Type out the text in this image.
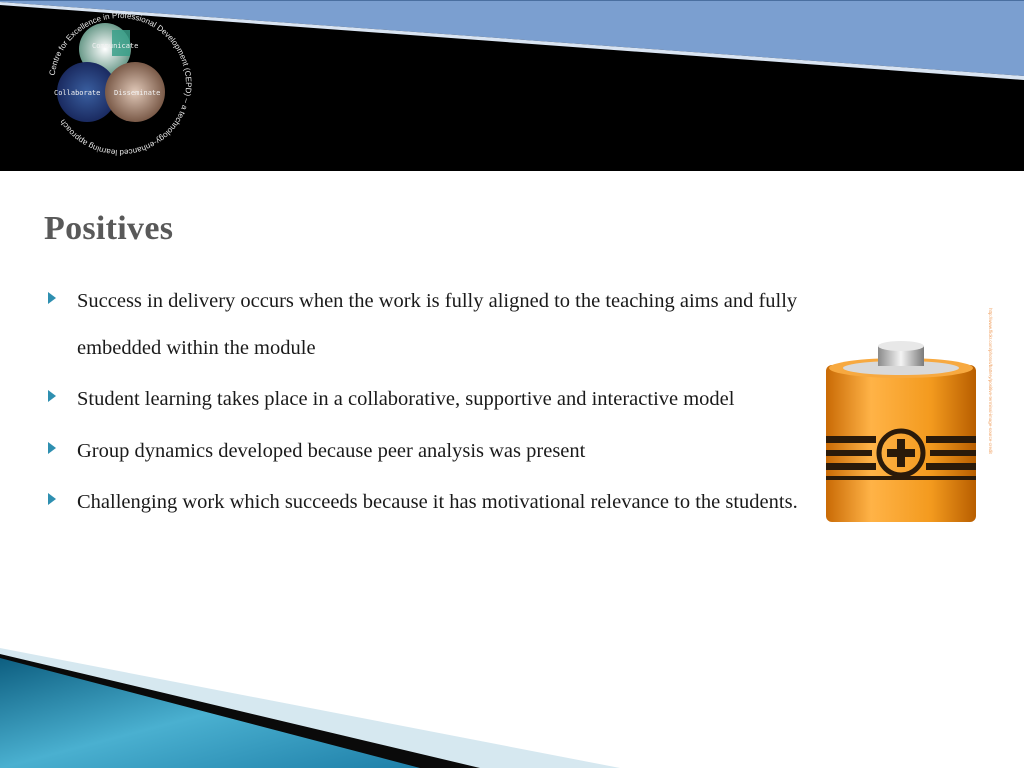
Communicate
Collaborate Disseminate
Centre for Excellence in Professional Development (CEPD) – a technology-enhanced learning approach
Positives
Success in delivery occurs when the work is fully aligned to the teaching aims and fully embedded within the module
Student learning takes place in a collaborative, supportive and interactive model
Group dynamics developed because peer analysis was present
Challenging work which succeeds because it has motivational relevance to the students.
http://www.flickr.com/photos/battery/positive-terminal-image-source-credit
